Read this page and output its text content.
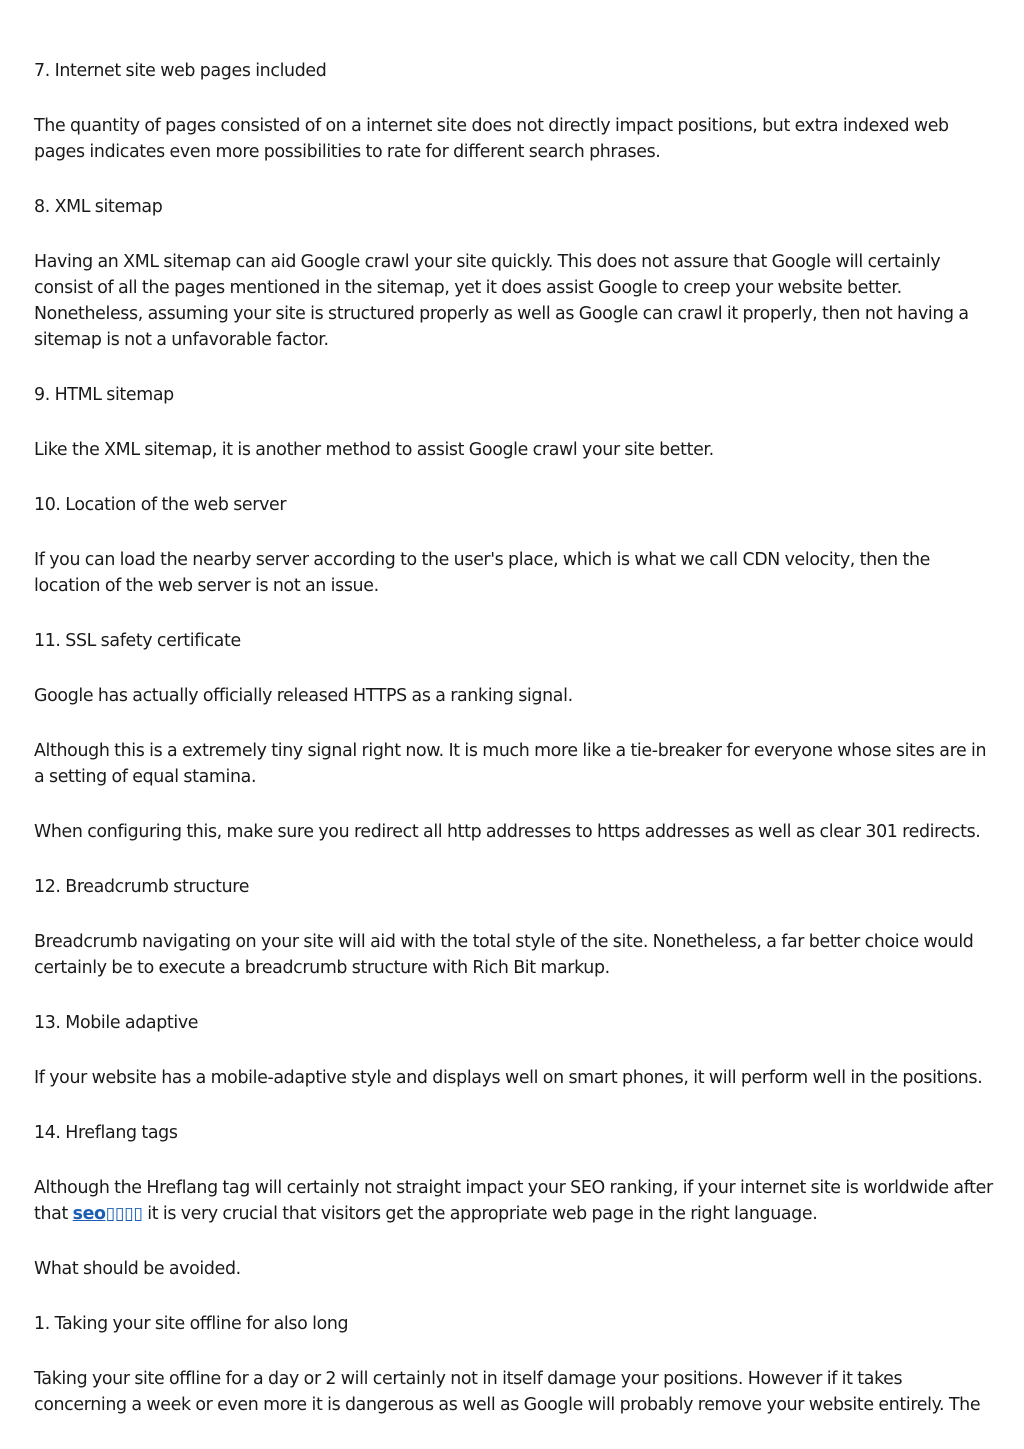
7. Internet site web pages included

The quantity of pages consisted of on a internet site does not directly impact positions, but extra indexed web pages indicates even more possibilities to rate for different search phrases.

8. XML sitemap

Having an XML sitemap can aid Google crawl your site quickly. This does not assure that Google will certainly consist of all the pages mentioned in the sitemap, yet it does assist Google to creep your website better. Nonetheless, assuming your site is structured properly as well as Google can crawl it properly, then not having a sitemap is not a unfavorable factor.

9. HTML sitemap

Like the XML sitemap, it is another method to assist Google crawl your site better.

10. Location of the web server

If you can load the nearby server according to the user's place, which is what we call CDN velocity, then the location of the web server is not an issue.

11. SSL safety certificate

Google has actually officially released HTTPS as a ranking signal.

Although this is a extremely tiny signal right now. It is much more like a tie-breaker for everyone whose sites are in a setting of equal stamina.

When configuring this, make sure you redirect all http addresses to https addresses as well as clear 301 redirects.

12. Breadcrumb structure

Breadcrumb navigating on your site will aid with the total style of the site. Nonetheless, a far better choice would certainly be to execute a breadcrumb structure with Rich Bit markup.

13. Mobile adaptive

If your website has a mobile-adaptive style and displays well on smart phones, it will perform well in the positions.

14. Hreflang tags

Although the Hreflang tag will certainly not straight impact your SEO ranking, if your internet site is worldwide after that seo▯▯▯▯ it is very crucial that visitors get the appropriate web page in the right language.

What should be avoided.

1. Taking your site offline for also long

Taking your site offline for a day or 2 will certainly not in itself damage your positions. However if it takes concerning a week or even more it is dangerous as well as Google will probably remove your website entirely. The
